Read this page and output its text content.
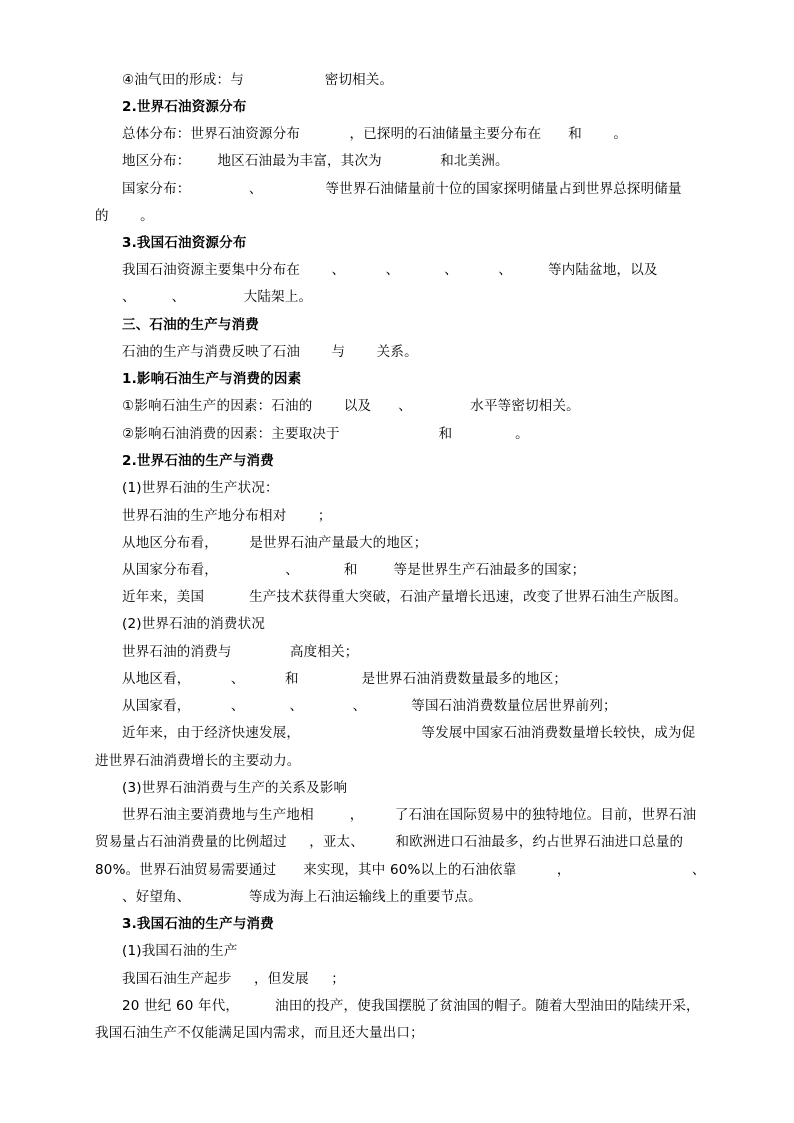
④油气田的形成：与                  密切相关。
2.世界石油资源分布
总体分布：世界石油资源分布           ，已探明的石油储量主要分布在      和       。
地区分布：      地区石油最为丰富，其次为             和北美洲。
国家分布：             、              等世界石油储量前十位的国家探明储量占到世界总探明储量
的       。
3.我国石油资源分布
我国石油资源主要集中分布在       、         、          、         、        等内陆盆地，以及
、        、             大陆架上。
三、石油的生产与消费
石油的生产与消费反映了石油       与       关系。
1.影响石油生产与消费的因素
①影响石油生产的因素：石油的       以及      、             水平等密切相关。
②影响石油消费的因素：主要取决于                      和              。
2.世界石油的生产与消费
(1)世界石油的生产状况：
世界石油的生产地分布相对       ；
从地区分布看，       是世界石油产量最大的地区；
从国家分布看，               、          和        等是世界生产石油最多的国家；
近年来，美国          生产技术获得重大突破，石油产量增长迅速，改变了世界石油生产版图。
(2)世界石油的消费状况
世界石油的消费与             高度相关；
从地区看，         、         和              是世界石油消费数量最多的地区；
从国家看，         、          、           、          等国石油消费数量位居世界前列；
近年来，由于经济快速发展，                           等发展中国家石油消费数量增长较快，成为促
进世界石油消费增长的主要动力。
(3)世界石油消费与生产的关系及影响
世界石油主要消费地与生产地相        ，       了石油在国际贸易中的独特地位。目前，世界石油
贸易量占石油消费量的比例超过     ，亚太、       和欧洲进口石油最多，约占世界石油进口总量的
80%。世界石油贸易需要通过      来实现，其中 60%以上的石油依靠         ，                           、
、好望角、             等成为海上石油运输线上的重要节点。
3.我国石油的生产与消费
(1)我国石油的生产
我国石油生产起步     ，但发展     ；
20 世纪 60 年代，        油田的投产，使我国摆脱了贫油国的帽子。随着大型油田的陆续开采，
我国石油生产不仅能满足国内需求，而且还大量出口；
